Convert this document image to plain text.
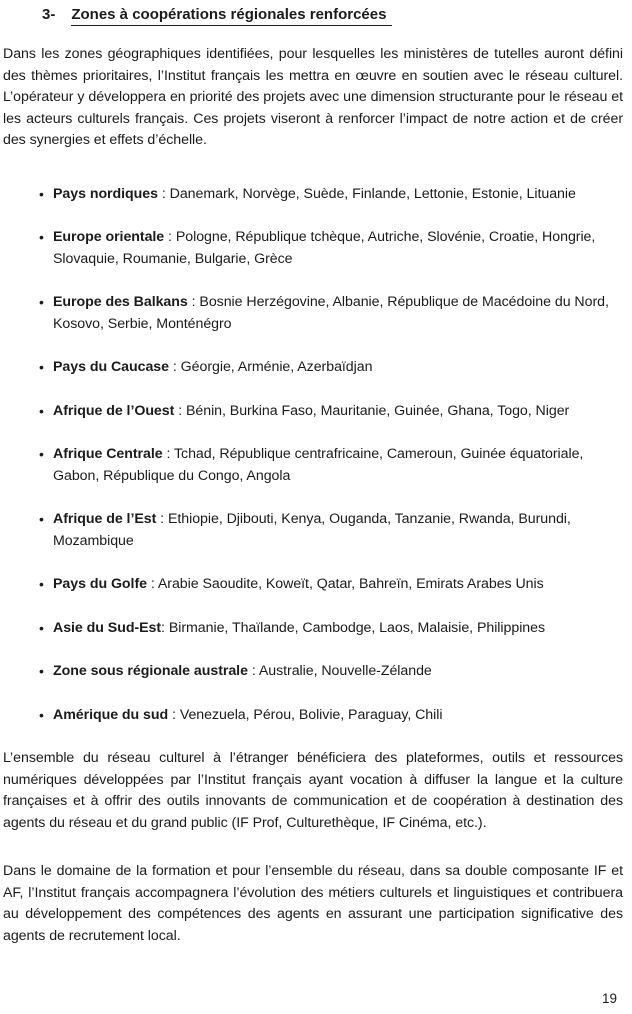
3- Zones à coopérations régionales renforcées

Dans les zones géographiques identifiées, pour lesquelles les ministères de tutelles auront défini des thèmes prioritaires, l’Institut français les mettra en œuvre en soutien avec le réseau culturel. L’opérateur y développera en priorité des projets avec une dimension structurante pour le réseau et les acteurs culturels français. Ces projets viseront à renforcer l’impact de notre action et de créer des synergies et effets d’échelle.

• Pays nordiques : Danemark, Norvège, Suède, Finlande, Lettonie, Estonie, Lituanie
• Europe orientale : Pologne, République tchèque, Autriche, Slovénie, Croatie, Hongrie, Slovaquie, Roumanie, Bulgarie, Grèce
• Europe des Balkans : Bosnie Herzégovine, Albanie, République de Macédoine du Nord, Kosovo, Serbie, Monténégro
• Pays du Caucase : Géorgie, Arménie, Azerbaïdjan
• Afrique de l’Ouest : Bénin, Burkina Faso, Mauritanie, Guinée, Ghana, Togo, Niger
• Afrique Centrale : Tchad, République centrafricaine, Cameroun, Guinée équatoriale, Gabon, République du Congo, Angola
• Afrique de l’Est : Ethiopie, Djibouti, Kenya, Ouganda, Tanzanie, Rwanda, Burundi, Mozambique
• Pays du Golfe : Arabie Saoudite, Koweït, Qatar, Bahreïn, Emirats Arabes Unis
• Asie du Sud-Est: Birmanie, Thaïlande, Cambodge, Laos, Malaisie, Philippines
• Zone sous régionale australe : Australie, Nouvelle-Zélande
• Amérique du sud : Venezuela, Pérou, Bolivie, Paraguay, Chili

L’ensemble du réseau culturel à l’étranger bénéficiera des plateformes, outils et ressources numériques développées par l’Institut français ayant vocation à diffuser la langue et la culture françaises et à offrir des outils innovants de communication et de coopération à destination des agents du réseau et du grand public (IF Prof, Culturethèque, IF Cinéma, etc.).

Dans le domaine de la formation et pour l’ensemble du réseau, dans sa double composante IF et AF, l’Institut français accompagnera l’évolution des métiers culturels et linguistiques et contribuera au développement des compétences des agents en assurant une participation significative des agents de recrutement local.

19
